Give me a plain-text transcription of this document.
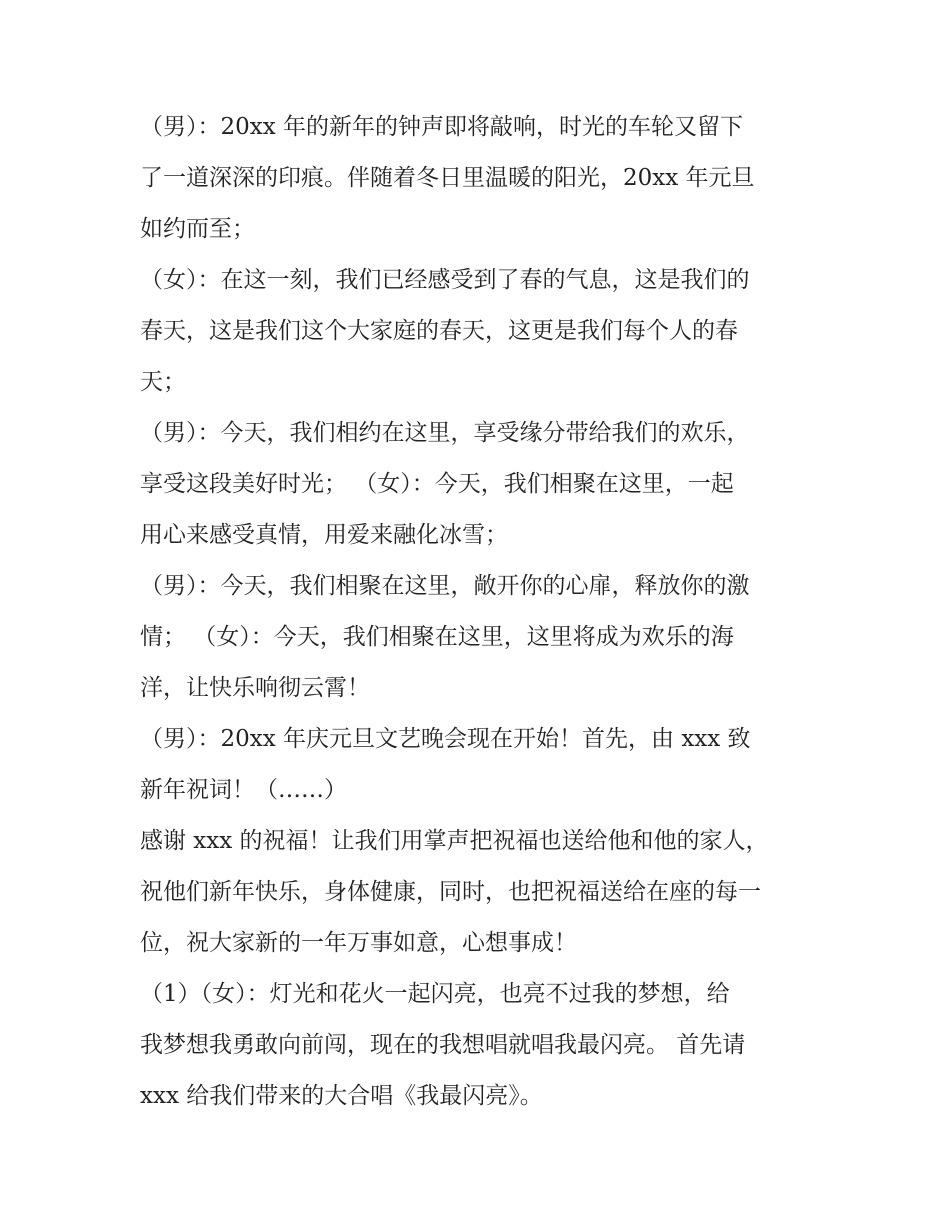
（男）：20xx 年的新年的钟声即将敲响，时光的车轮又留下
了一道深深的印痕。伴随着冬日里温暖的阳光，20xx 年元旦
如约而至；

（女）：在这一刻，我们已经感受到了春的气息，这是我们的
春天，这是我们这个大家庭的春天，这更是我们每个人的春
天；

（男）：今天，我们相约在这里，享受缘分带给我们的欢乐，
享受这段美好时光； （女）：今天，我们相聚在这里，一起
用心来感受真情，用爱来融化冰雪；

（男）：今天，我们相聚在这里，敞开你的心扉，释放你的激
情； （女）：今天，我们相聚在这里，这里将成为欢乐的海
洋，让快乐响彻云霄！

（男）：20xx 年庆元旦文艺晚会现在开始！首先，由 xxx 致
新年祝词！（……）

感谢 xxx 的祝福！让我们用掌声把祝福也送给他和他的家人，
祝他们新年快乐，身体健康，同时，也把祝福送给在座的每一
位，祝大家新的一年万事如意，心想事成！

（1）（女）：灯光和花火一起闪亮，也亮不过我的梦想，给
我梦想我勇敢向前闯，现在的我想唱就唱我最闪亮。 首先请
xxx 给我们带来的大合唱《我最闪亮》。
